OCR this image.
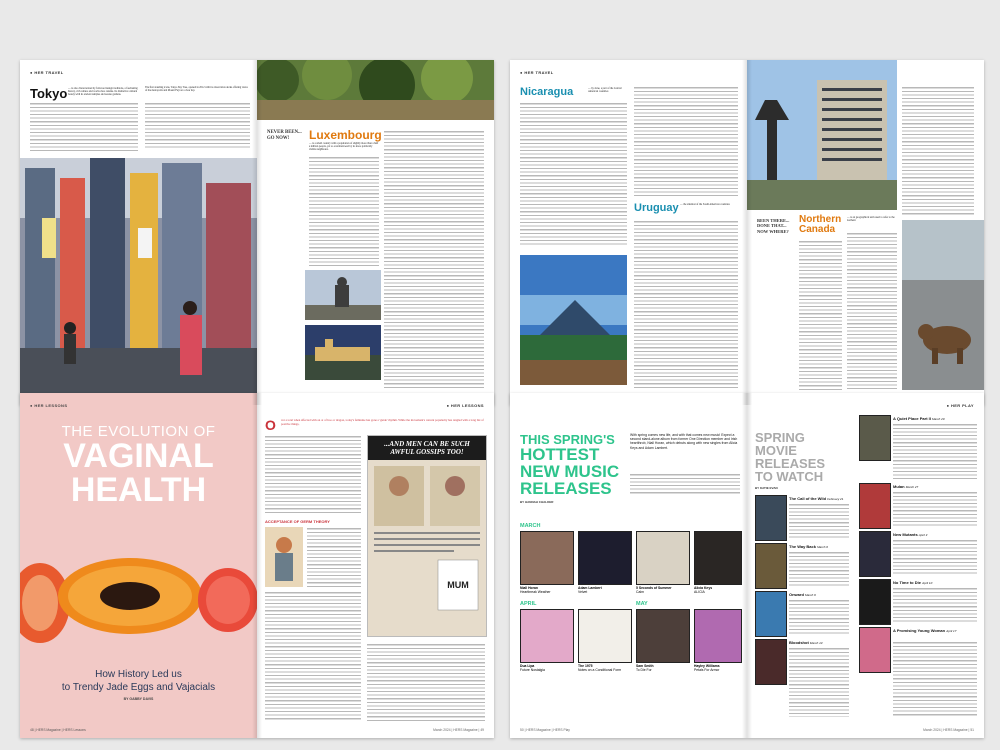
● HER TRAVEL
Tokyo — is also characterized by followed design traditions, a fascinating history, rich culture and world-class cuisine. Its distinctive cultural beauty with its ancient temples and serene gardens.
The first standing icons, Tokyo Sky Tree, opened in 2012 with its observation decks offering views of the metropolis and Mount Fuji on a clear day.
NEVER BEEN... GO NOW!	Luxembourg
— is a small country with a population of slightly more than a half a million people, yet so overshadowed by its more politically visible neighbours.
● HER TRAVEL
Nicaragua	— by done, a part of the Central American countries
Uruguay — the smallest of the South American countries
BEEN THERE... DONE THAT... NOW WHERE?
Northern Canada
— is an geographical term used to refer to the northern
● HER LESSONS
THE EVOLUTION OF
VAGINAL
HEALTH
How History Led us
to Trendy Jade Eggs and Vajacials
BY GABBY DAVIS
48 | HERS Magazine | HERS Lessons
● HER LESSONS
O	ver a total when affected with an ot of hoo or dragon, today's feminine has gone a 'guide' rhythm. While the movement's current popularity has tangled with a long list of positive things,
ACCEPTANCE OF GERM THEORY
...AND MEN CAN BE SUCH AWFUL GOSSIPS TOO!
MUM
March 2024 | HERS Magazine | 49
THIS SPRING'S
HOTTEST
NEW MUSIC
RELEASES
BY HANNAH CHALKER
With spring comes new life, and with that comes new music! Expect a second stand-alone album from former One Direction member and Irish heartthrob, Niall Horan, which debuts along with new singles from Alicia Keys and Adam Lambert.
MARCH
Niall Horan
Heartbreak Weather
Adam Lambert
Velvet
5 Seconds of Summer
Calm
Alicia Keys
ALICIA
APRIL	MAY
Dua Lipa
Future Nostalgia
The 1975
Notes on a Conditional Form
Sam Smith
To Die For
Hayley Williams
Petals For Armor
50 | HERS Magazine | HERS Play
● HER PLAY
SPRING
MOVIE
RELEASES
TO WATCH
BY KATIE EVAN
The Call of the Wild February 21
The Way Back March 6
Onward March 6
Bloodshot March 13
A Quiet Place Part II March 20
Mulan March 27
New Mutants April 3
No Time to Die April 10
A Promising Young Woman April 17
March 2024 | HERS Magazine | 51
